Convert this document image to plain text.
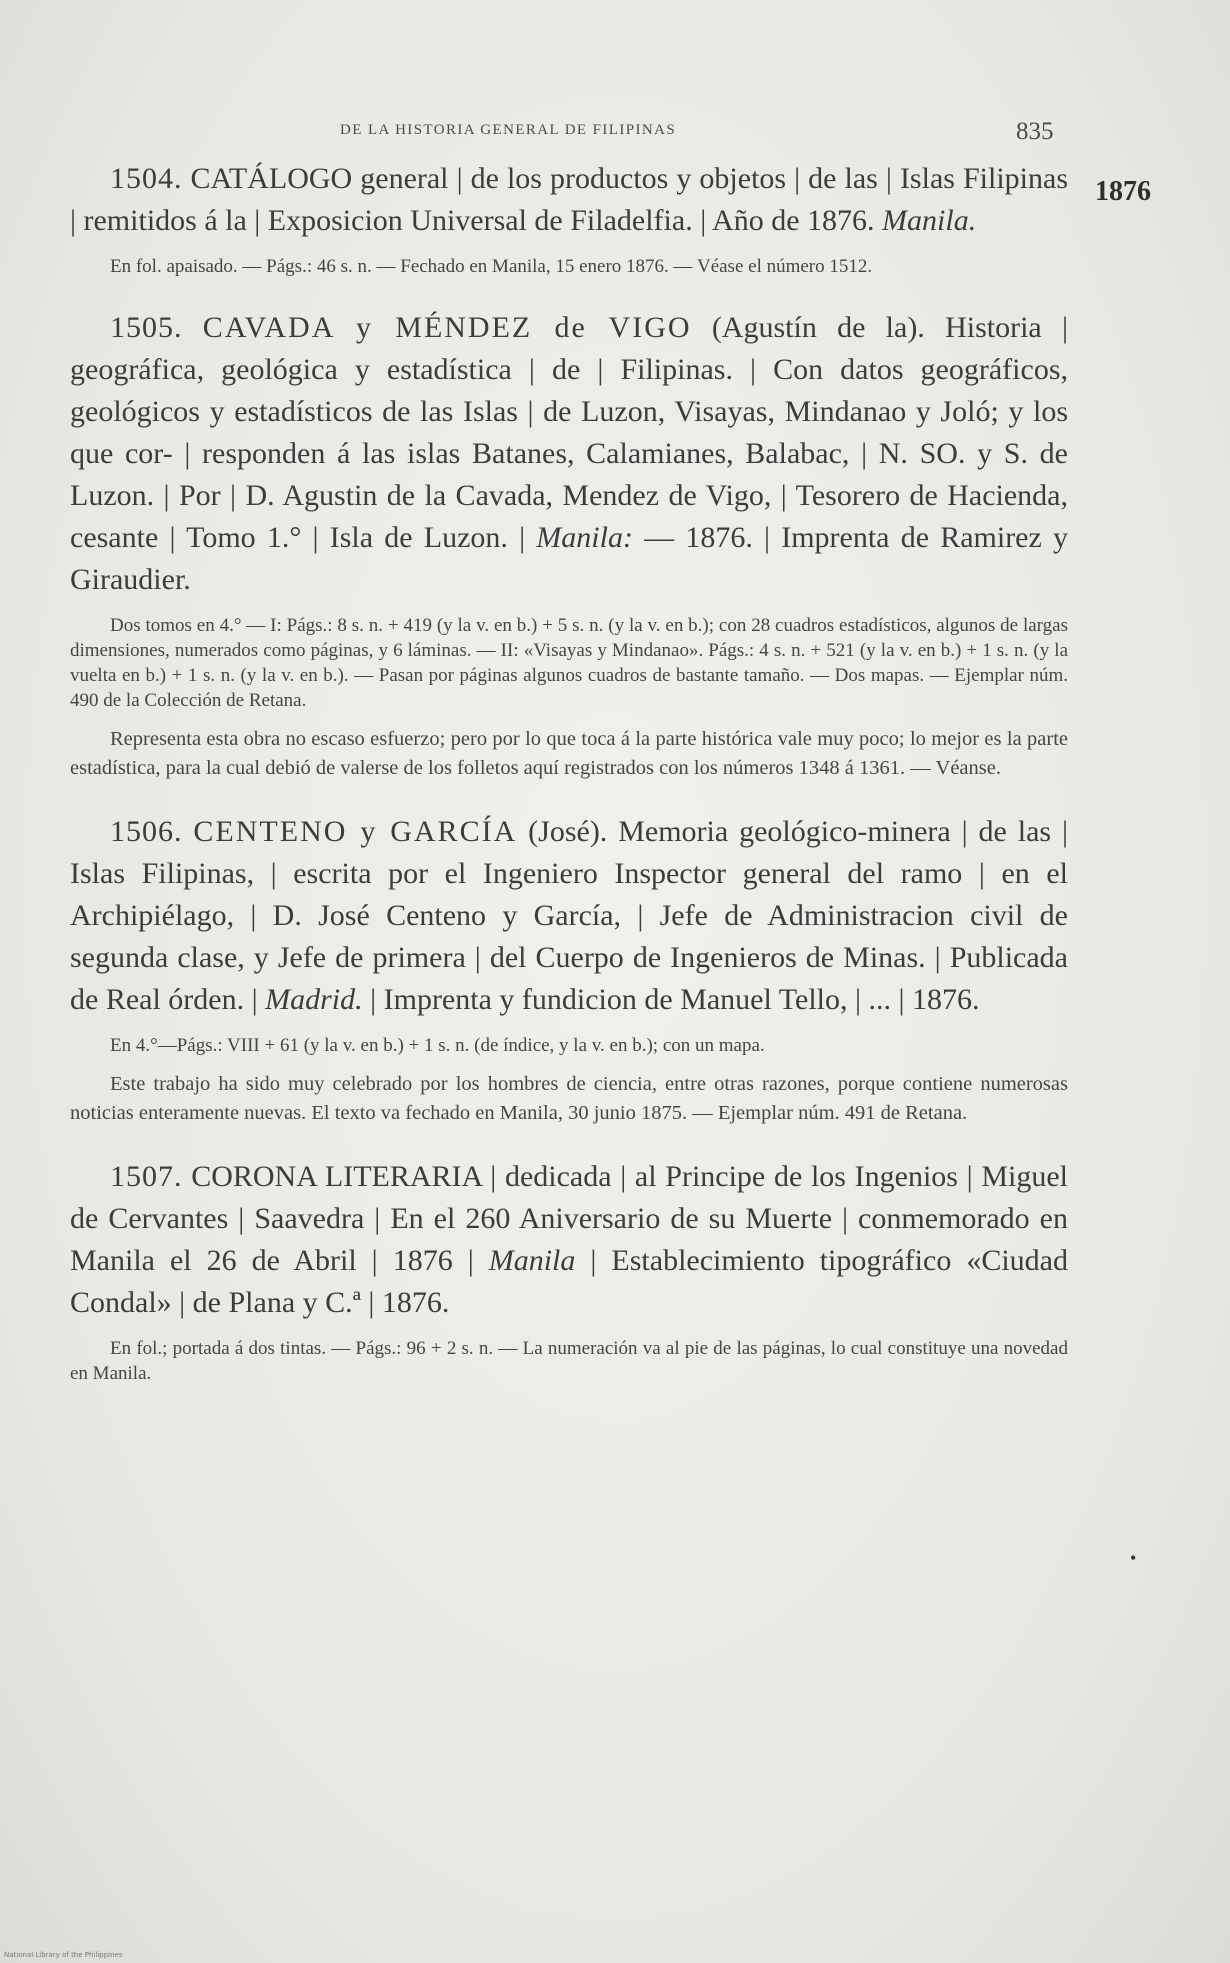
DE LA HISTORIA GENERAL DE FILIPINAS	835
1876

1504. CATÁLOGO general | de los productos y objetos | de las | Islas Filipinas | remitidos á la | Exposicion Universal de Filadelfia. | Año de 1876. Manila.

En fol. apaisado. — Págs.: 46 s. n. — Fechado en Manila, 15 enero 1876. — Véase el número 1512.

1505. CAVADA y MÉNDEZ de VIGO (Agustín de la). Historia | geográfica, geológica y estadística | de | Filipinas. | Con datos geográficos, geológicos y estadísticos de las Islas | de Luzon, Visayas, Mindanao y Joló; y los que cor- | responden á las islas Batanes, Calamianes, Balabac, | N. SO. y S. de Luzon. | Por | D. Agustin de la Cavada, Mendez de Vigo, | Tesorero de Hacienda, cesante | Tomo 1.° | Isla de Luzon. | Manila: — 1876. | Imprenta de Ramirez y Giraudier.

Dos tomos en 4.° — I: Págs.: 8 s. n. + 419 (y la v. en b.) + 5 s. n. (y la v. en b.); con 28 cuadros estadísticos, algunos de largas dimensiones, numerados como páginas, y 6 láminas. — II: «Visayas y Mindanao». Págs.: 4 s. n. + 521 (y la v. en b.) + 1 s. n. (y la vuelta en b.) + 1 s. n. (y la v. en b.). — Pasan por páginas algunos cuadros de bastante tamaño. — Dos mapas. — Ejemplar núm. 490 de la Colección de Retana.

Representa esta obra no escaso esfuerzo; pero por lo que toca á la parte histórica vale muy poco; lo mejor es la parte estadística, para la cual debió de valerse de los folletos aquí registrados con los números 1348 á 1361. — Véanse.

1506. CENTENO y GARCÍA (José). Memoria geológico-minera | de las | Islas Filipinas, | escrita por el Ingeniero Inspector general del ramo | en el Archipiélago, | D. José Centeno y García, | Jefe de Administracion civil de segunda clase, y Jefe de primera | del Cuerpo de Ingenieros de Minas. | Publicada de Real órden. | Madrid. | Imprenta y fundicion de Manuel Tello, | ... | 1876.

En 4.°—Págs.: VIII + 61 (y la v. en b.) + 1 s. n. (de índice, y la v. en b.); con un mapa.

Este trabajo ha sido muy celebrado por los hombres de ciencia, entre otras razones, porque contiene numerosas noticias enteramente nuevas. El texto va fechado en Manila, 30 junio 1875. — Ejemplar núm. 491 de Retana.

1507. CORONA LITERARIA | dedicada | al Principe de los Ingenios | Miguel de Cervantes | Saavedra | En el 260 Aniversario de su Muerte | conmemorado en Manila el 26 de Abril | 1876 | Manila | Establecimiento tipográfico «Ciudad Condal» | de Plana y C.ª | 1876.

En fol.; portada á dos tintas. — Págs.: 96 + 2 s. n. — La numeración va al pie de las páginas, lo cual constituye una novedad en Manila.

•
National Library of the Philippines
